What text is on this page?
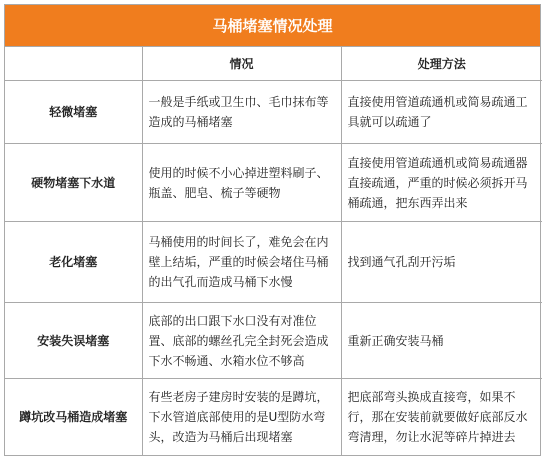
马桶堵塞情况处理
	情况	处理方法
轻微堵塞	一般是手纸或卫生巾、毛巾抹布等造成的马桶堵塞	直接使用管道疏通机或简易疏通工具就可以疏通了
硬物堵塞下水道	使用的时候不小心掉进塑料刷子、瓶盖、肥皂、梳子等硬物	直接使用管道疏通机或简易疏通器直接疏通，严重的时候必须拆开马桶疏通，把东西弄出来
老化堵塞	马桶使用的时间长了，难免会在内壁上结垢，严重的时候会堵住马桶的出气孔而造成马桶下水慢	找到通气孔刮开污垢
安装失误堵塞	底部的出口跟下水口没有对准位置、底部的螺丝孔完全封死会造成下水不畅通、水箱水位不够高	重新正确安装马桶
蹲坑改马桶造成堵塞	有些老房子建房时安装的是蹲坑，下水管道底部使用的是U型防水弯头，改造为马桶后出现堵塞	把底部弯头换成直接弯，如果不行，那在安装前就要做好底部反水弯清理，勿让水泥等碎片掉进去
